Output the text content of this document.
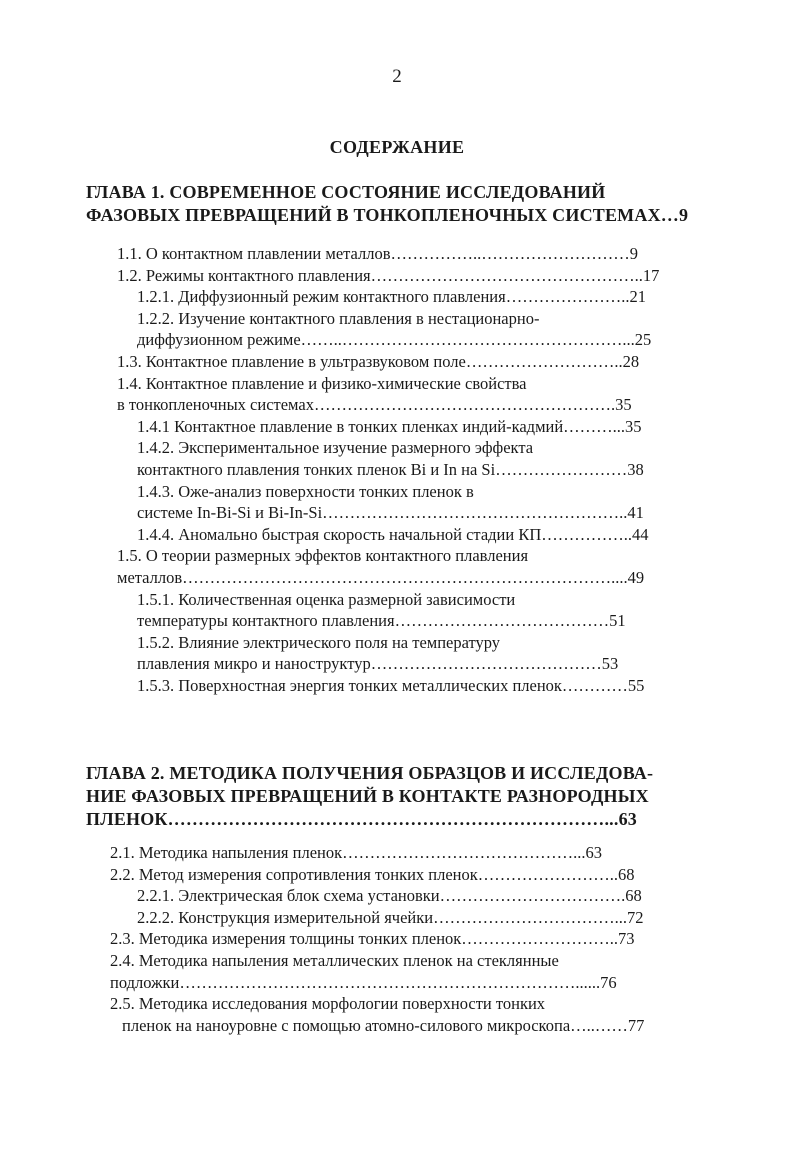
2
СОДЕРЖАНИЕ
ГЛАВА 1. СОВРЕМЕННОЕ СОСТОЯНИЕ ИССЛЕДОВАНИЙ
ФАЗОВЫХ ПРЕВРАЩЕНИЙ В ТОНКОПЛЕНОЧНЫХ СИСТЕМАХ…9
1.1. О контактном плавлении металлов……………..………………………9
1.2. Режимы контактного плавления…………………………………………..17
1.2.1. Диффузионный режим контактного плавления…………………..21
1.2.2. Изучение контактного плавления в нестационарно-
диффузионном режиме……..……………………………………………...25
1.3. Контактное плавление в ультразвуковом поле………………………..28
1.4. Контактное плавление и физико-химические свойства
в тонкопленочных системах……………………………………………….35
1.4.1 Контактное плавление в тонких пленках индий-кадмий………...35
1.4.2. Экспериментальное изучение размерного эффекта
контактного плавления тонких пленок Bi и In на Si……………………38
1.4.3. Оже-анализ поверхности тонких пленок в
системе In-Bi-Si и Bi-In-Si………………………………………………..41
1.4.4. Аномально быстрая скорость начальной стадии КП……………..44
1.5. О теории размерных эффектов контактного плавления
металлов……………………………………………………………………....49
1.5.1. Количественная оценка размерной зависимости
температуры контактного плавления…………………………………51
1.5.2. Влияние электрического поля на температуру
плавления микро и наноструктур……………………………………53
1.5.3. Поверхностная энергия тонких металлических пленок…………55
ГЛАВА 2. МЕТОДИКА ПОЛУЧЕНИЯ ОБРАЗЦОВ И ИССЛЕДОВА-
НИЕ ФАЗОВЫХ ПРЕВРАЩЕНИЙ В КОНТАКТЕ РАЗНОРОДНЫХ
ПЛЕНОК………………………………………………………………...63
2.1. Методика напыления пленок……………………………………...63
2.2. Метод измерения сопротивления тонких пленок……………………..68
2.2.1. Электрическая блок схема установки…………………………….68
2.2.2. Конструкция измерительной ячейки……………………………...72
2.3. Методика измерения толщины тонких пленок………………………..73
2.4. Методика напыления металлических пленок на стеклянные
подложки………………………………………………………………......76
2.5. Методика исследования морфологии поверхности тонких
пленок на наноуровне с помощью атомно-силового микроскопа…..……77
